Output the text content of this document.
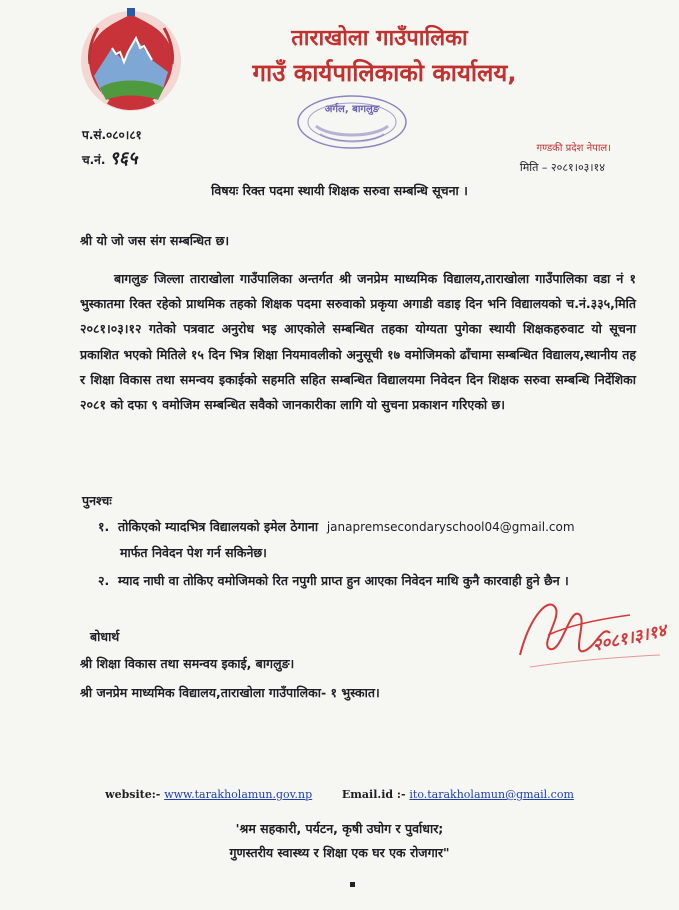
ताराखोला गाउँपालिका
गाउँ कार्यपालिकाको कार्यालय,
अर्गल, बागलुङ
प.सं.०८०।८१
च.नं. ९६५	गण्डकी प्रदेश नेपाल।
मिति – २०८१।०३।१४
विषयः रिक्त पदमा स्थायी शिक्षक सरुवा सम्बन्धि सूचना ।
श्री यो जो जस संग सम्बन्धित छ।

बागलुङ जिल्ला ताराखोला गाउँपालिका अन्तर्गत श्री जनप्रेम माध्यमिक विद्यालय,ताराखोला गाउँपालिका वडा नं १ भुस्कातमा रिक्त रहेको प्राथमिक तहको शिक्षक पदमा सरुवाको प्रकृया अगाडी वडाइ दिन भनि विद्यालयको च.नं.३३५,मिति २०८१।०३।१२ गतेको पत्रवाट अनुरोध भइ आएकोले सम्बन्धित तहका योग्यता पुगेका स्थायी शिक्षकहरुवाट यो सूचना प्रकाशित भएको मितिले १५ दिन भित्र शिक्षा नियमावलीको अनुसूची १७ वमोजिमको ढाँचामा सम्बन्धित विद्यालय,स्थानीय तह र शिक्षा विकास तथा समन्वय इकाईको सहमति सहित सम्बन्धित विद्यालयमा निवेदन दिन शिक्षक सरुवा सम्बन्धि निर्देशिका २०८१ को दफा ९ वमोजिम सम्बन्धित सवैको जानकारीका लागि यो सुचना प्रकाशन गरिएको छ।

पुनश्चः
१. तोकिएको म्यादभित्र विद्यालयको इमेल ठेगाना janapremsecondaryschool04@gmail.com
मार्फत निवेदन पेश गर्न सकिनेछ।
२. म्याद नाघी वा तोकिए वमोजिमको रित नपुगी प्राप्त हुन आएका निवेदन माथि कुनै कारवाही हुने छैन ।
बोधार्थ
श्री शिक्षा विकास तथा समन्वय इकाई, बागलुङ।
श्री जनप्रेम माध्यमिक विद्यालय,ताराखोला गाउँपालिका- १ भुस्कात।
२०८१।३।१४
website:- www.tarakholamun.gov.np	Email.id :- ito.tarakholamun@gmail.com
'श्रम सहकारी, पर्यटन, कृषी उघोग र पुर्वाधार;
गुणस्तरीय स्वास्थ्य र शिक्षा एक घर एक रोजगार"
